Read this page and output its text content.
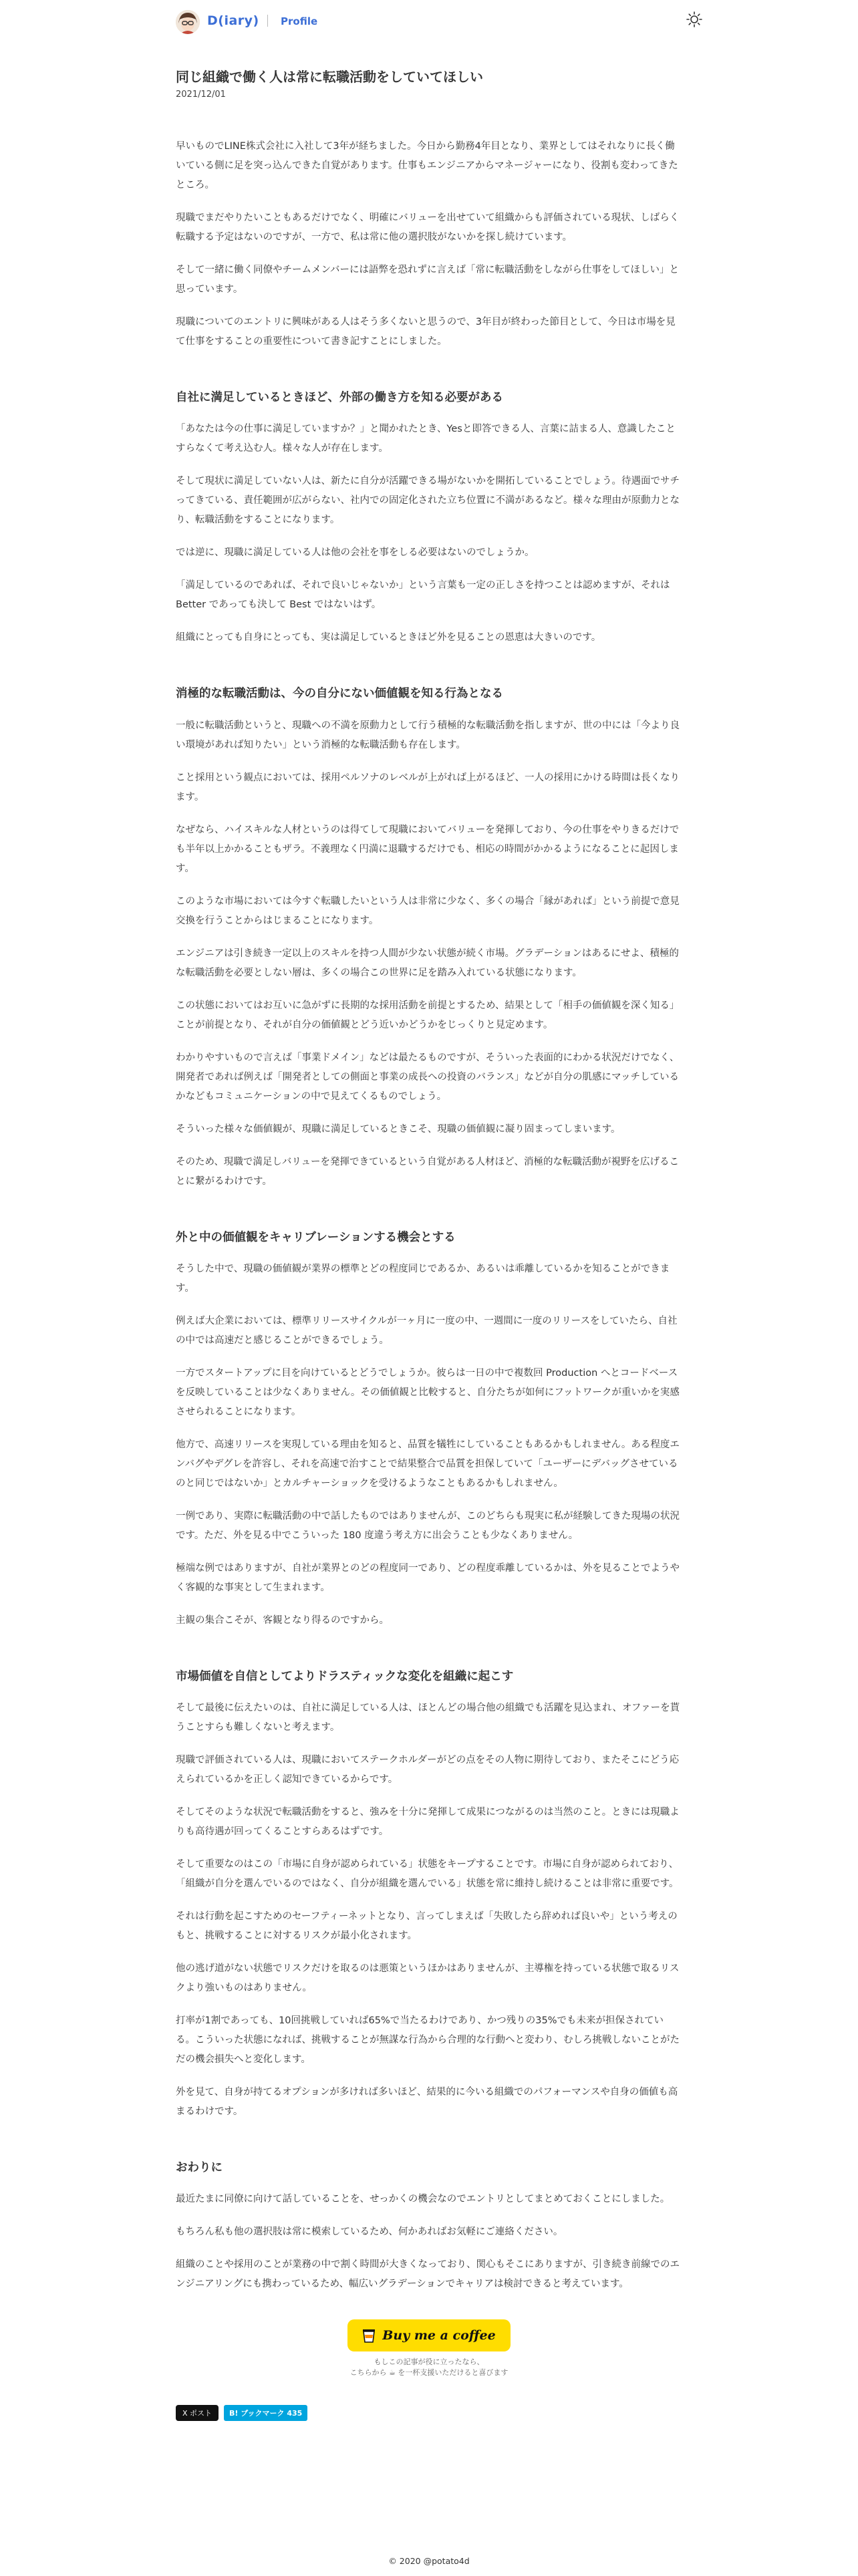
D(iary) Profile
同じ組織で働く人は常に転職活動をしていてほしい
2021/12/01

早いものでLINE株式会社に入社して3年が経ちました。今日から勤務4年目となり、業界としてはそれなりに長く働いている側に足を突っ込んできた自覚があります。仕事もエンジニアからマネージャーになり、役割も変わってきたところ。

現職でまだやりたいこともあるだけでなく、明確にバリューを出せていて組織からも評価されている現状、しばらく転職する予定はないのですが、一方で、私は常に他の選択肢がないかを探し続けています。

そして一緒に働く同僚やチームメンバーには語弊を恐れずに言えば「常に転職活動をしながら仕事をしてほしい」と思っています。

現職についてのエントリに興味がある人はそう多くないと思うので、3年目が終わった節目として、今日は市場を見て仕事をすることの重要性について書き記すことにしました。

自社に満足しているときほど、外部の働き方を知る必要がある

「あなたは今の仕事に満足していますか？」と聞かれたとき、Yesと即答できる人、言葉に詰まる人、意識したことすらなくて考え込む人。様々な人が存在します。

そして現状に満足していない人は、新たに自分が活躍できる場がないかを開拓していることでしょう。待遇面でサチってきている、責任範囲が広がらない、社内での固定化された立ち位置に不満があるなど。様々な理由が原動力となり、転職活動をすることになります。

では逆に、現職に満足している人は他の会社を事をしる必要はないのでしょうか。

「満足しているのであれば、それで良いじゃないか」という言葉も一定の正しさを持つことは認めますが、それは Better であっても決して Best ではないはず。

組織にとっても自身にとっても、実は満足しているときほど外を見ることの恩恵は大きいのです。

消極的な転職活動は、今の自分にない価値観を知る行為となる

一般に転職活動というと、現職への不満を原動力として行う積極的な転職活動を指しますが、世の中には「今より良い環境があれば知りたい」という消極的な転職活動も存在します。

こと採用という観点においては、採用ペルソナのレベルが上がれば上がるほど、一人の採用にかける時間は長くなります。

なぜなら、ハイスキルな人材というのは得てして現職においてバリューを発揮しており、今の仕事をやりきるだけでも半年以上かかることもザラ。不義理なく円満に退職するだけでも、相応の時間がかかるようになることに起因します。

このような市場においては今すぐ転職したいという人は非常に少なく、多くの場合「縁があれば」という前提で意見交換を行うことからはじまることになります。

エンジニアは引き続き一定以上のスキルを持つ人間が少ない状態が続く市場。グラデーションはあるにせよ、積極的な転職活動を必要としない層は、多くの場合この世界に足を踏み入れている状態になります。

この状態においてはお互いに急がずに長期的な採用活動を前提とするため、結果として「相手の価値観を深く知る」ことが前提となり、それが自分の価値観とどう近いかどうかをじっくりと見定めます。

わかりやすいもので言えば「事業ドメイン」などは最たるものですが、そういった表面的にわかる状況だけでなく、開発者であれば例えば「開発者としての側面と事業の成長への投資のバランス」などが自分の肌感にマッチしているかなどもコミュニケーションの中で見えてくるものでしょう。

そういった様々な価値観が、現職に満足しているときこそ、現職の価値観に凝り固まってしまいます。

そのため、現職で満足しバリューを発揮できているという自覚がある人材ほど、消極的な転職活動が視野を広げることに繋がるわけです。

外と中の価値観をキャリブレーションする機会とする

そうした中で、現職の価値観が業界の標準とどの程度同じであるか、あるいは乖離しているかを知ることができます。

例えば大企業においては、標準リリースサイクルが一ヶ月に一度の中、一週間に一度のリリースをしていたら、自社の中では高速だと感じることができるでしょう。

一方でスタートアップに目を向けているとどうでしょうか。彼らは一日の中で複数回 Production へとコードベースを反映していることは少なくありません。その価値観と比較すると、自分たちが如何にフットワークが重いかを実感させられることになります。

他方で、高速リリースを実現している理由を知ると、品質を犠牲にしていることもあるかもしれません。ある程度エンバグやデグレを許容し、それを高速で治すことで結果整合で品質を担保していて「ユーザーにデバッグさせているのと同じではないか」とカルチャーショックを受けるようなこともあるかもしれません。

一例であり、実際に転職活動の中で話したものではありませんが、このどちらも現実に私が経験してきた現場の状況です。ただ、外を見る中でこういった 180 度違う考え方に出会うことも少なくありません。

極端な例ではありますが、自社が業界とのどの程度同一であり、どの程度乖離しているかは、外を見ることでようやく客観的な事実として生まれます。

主観の集合こそが、客観となり得るのですから。

市場価値を自信としてよりドラスティックな変化を組織に起こす

そして最後に伝えたいのは、自社に満足している人は、ほとんどの場合他の組織でも活躍を見込まれ、オファーを貰うことすらも難しくないと考えます。

現職で評価されている人は、現職においてステークホルダーがどの点をその人物に期待しており、またそこにどう応えられているかを正しく認知できているからです。

そしてそのような状況で転職活動をすると、強みを十分に発揮して成果につながるのは当然のこと。ときには現職よりも高待遇が回ってくることすらあるはずです。

そして重要なのはこの「市場に自身が認められている」状態をキープすることです。市場に自身が認められており、「組織が自分を選んでいるのではなく、自分が組織を選んでいる」状態を常に維持し続けることは非常に重要です。

それは行動を起こすためのセーフティーネットとなり、言ってしまえば「失敗したら辞めれば良いや」という考えのもと、挑戦することに対するリスクが最小化されます。

他の逃げ道がない状態でリスクだけを取るのは悪策というほかはありませんが、主導権を持っている状態で取るリスクより強いものはありません。

打率が1割であっても、10回挑戦していれば65%で当たるわけであり、かつ残りの35%でも未来が担保されている。こういった状態になれば、挑戦することが無謀な行為から合理的な行動へと変わり、むしろ挑戦しないことがただの機会損失へと変化します。

外を見て、自身が持てるオプションが多ければ多いほど、結果的に今いる組織でのパフォーマンスや自身の価値も高まるわけです。

おわりに

最近たまに同僚に向けて話していることを、せっかくの機会なのでエントリとしてまとめておくことにしました。

もちろん私も他の選択肢は常に模索しているため、何かあればお気軽にご連絡ください。

組織のことや採用のことが業務の中で割く時間が大きくなっており、関心もそこにありますが、引き続き前線でのエンジニアリングにも携わっているため、幅広いグラデーションでキャリアは検討できると考えています。

Buy me a coffee
もしこの記事が役に立ったなら、
こちらから ☕ を一杯支援いただけると喜びます
X ポスト	B! ブックマーク 435
© 2020 @potato4d
